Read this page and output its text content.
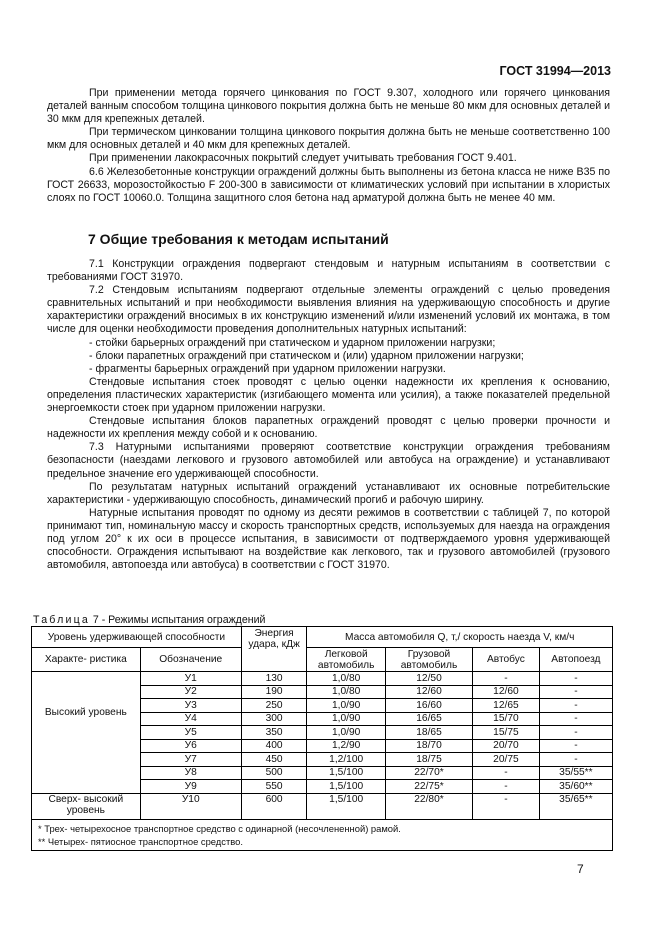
ГОСТ 31994—2013

При применении метода горячего цинкования по ГОСТ 9.307, холодного или горячего цинкования деталей ванным способом толщина цинкового покрытия должна быть не меньше 80 мкм для основных деталей и 30 мкм для крепежных деталей.

При термическом цинковании толщина цинкового покрытия должна быть не меньше соответственно 100 мкм для основных деталей и 40 мкм для крепежных деталей.

При применении лакокрасочных покрытий следует учитывать требования ГОСТ 9.401.

6.6 Железобетонные конструкции ограждений должны быть выполнены из бетона класса не ниже В35 по ГОСТ 26633, морозостойкостью F 200-300 в зависимости от климатических условий при испытании в хлористых слоях по ГОСТ 10060.0. Толщина защитного слоя бетона над арматурой должна быть не менее 40 мм.

7 Общие требования к методам испытаний

7.1 Конструкции ограждения подвергают стендовым и натурным испытаниям в соответствии с требованиями ГОСТ 31970.

7.2 Стендовым испытаниям подвергают отдельные элементы ограждений с целью проведения сравнительных испытаний и при необходимости выявления влияния на удерживающую способность и другие характеристики ограждений вносимых в их конструкцию изменений и/или изменений условий их монтажа, в том числе для оценки необходимости проведения дополнительных натурных испытаний:

- стойки барьерных ограждений при статическом и ударном приложении нагрузки;

- блоки парапетных ограждений при статическом и (или) ударном приложении нагрузки;

- фрагменты барьерных ограждений при ударном приложении нагрузки.

Стендовые испытания стоек проводят с целью оценки надежности их крепления к основанию, определения пластических характеристик (изгибающего момента или усилия), а также показателей предельной энергоемкости стоек при ударном приложении нагрузки.

Стендовые испытания блоков парапетных ограждений проводят с целью проверки прочности и надежности их крепления между собой и к основанию.

7.3 Натурными испытаниями проверяют соответствие конструкции ограждения требованиям безопасности (наездами легкового и грузового автомобилей или автобуса на ограждение) и устанавливают предельное значение его удерживающей способности.

По результатам натурных испытаний ограждений устанавливают их основные потребительские характеристики - удерживающую способность, динамический прогиб и рабочую ширину.

Натурные испытания проводят по одному из десяти режимов в соответствии с таблицей 7, по которой принимают тип, номинальную массу и скорость транспортных средств, используемых для наезда на ограждения под углом 20° к их оси в процессе испытания, в зависимости от подтверждаемого уровня удерживающей способности. Ограждения испытывают на воздействие как легкового, так и грузового автомобилей (грузового автомобиля, автопоезда или автобуса) в соответствии с ГОСТ 31970.

Таблица 7 - Режимы испытания ограждений
Уровень удерживающей способности		Энергия удара, кДж	Масса автомобиля Q, т,/ скорость наезда V, км/ч			
Характе- ристика	Обозначение		Легковой автомобиль	Грузовой автомобиль	Автобус	Автопоезд
Высокий уровень	У1	130	1,0/80	12/50	-	-
	У2	190	1,0/80	12/60	12/60	-
	У3	250	1,0/90	16/60	12/65	-
	У4	300	1,0/90	16/65	15/70	-
	У5	350	1,0/90	18/65	15/75	-
	У6	400	1,2/90	18/70	20/70	-
	У7	450	1,2/100	18/75	20/75	-
	У8	500	1,5/100	22/70*	-	35/55**
	У9	550	1,5/100	22/75*	-	35/60**
Сверх- высокий уровень	У10	600	1,5/100	22/80*	-	35/65**

* Трех- четырехосное транспортное средство с одинарной (несочлененной) рамой.
** Четырех- пятиосное транспортное средство.						
7
